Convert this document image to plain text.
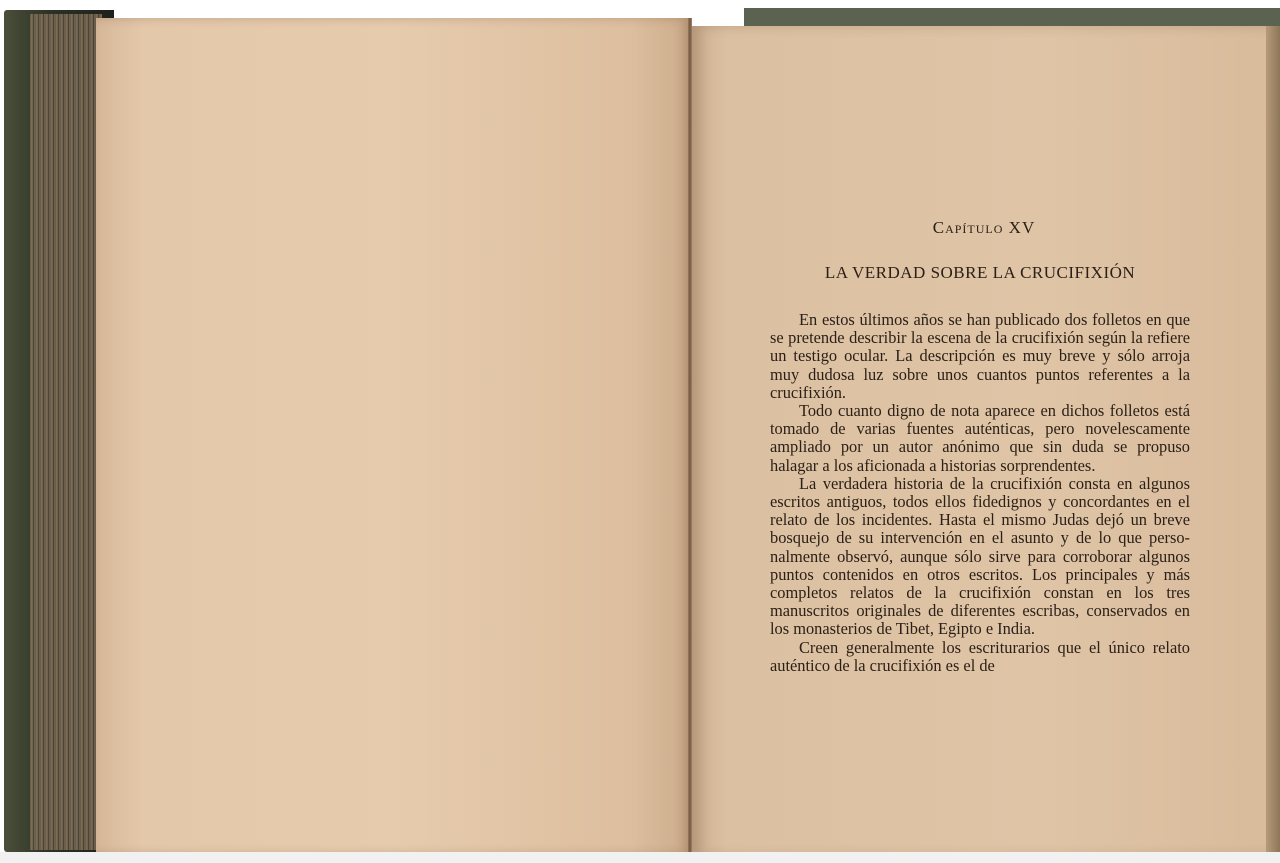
Capítulo XV
LA VERDAD SOBRE LA CRUCIFIXIÓN

En estos últimos años se han publicado dos folletos en que se pretende describir la escena de la crucifixión según la refiere un testigo ocular. La descripción es muy breve y sólo arroja muy dudosa luz sobre unos cuantos puntos referentes a la crucifixión.

Todo cuanto digno de nota aparece en dichos folletos está tomado de varias fuentes auténticas, pero novelescamente ampliado por un autor anónimo que sin duda se propuso halagar a los aficionada a historias sorprendentes.

La verdadera historia de la crucifixión consta en algunos escritos antiguos, todos ellos fidedignos y concordantes en el relato de los incidentes. Hasta el mismo Judas dejó un breve bosquejo de su intervención en el asunto y de lo que personalmente observó, aunque sólo sirve para corroborar algunos puntos contenidos en otros escritos. Los principales y más completos relatos de la crucifixión constan en los tres manuscritos originales de diferentes escribas, conservados en los monasterios de Tibet, Egipto e India.

Creen generalmente los escriturarios que el único relato auténtico de la crucifixión es el de
